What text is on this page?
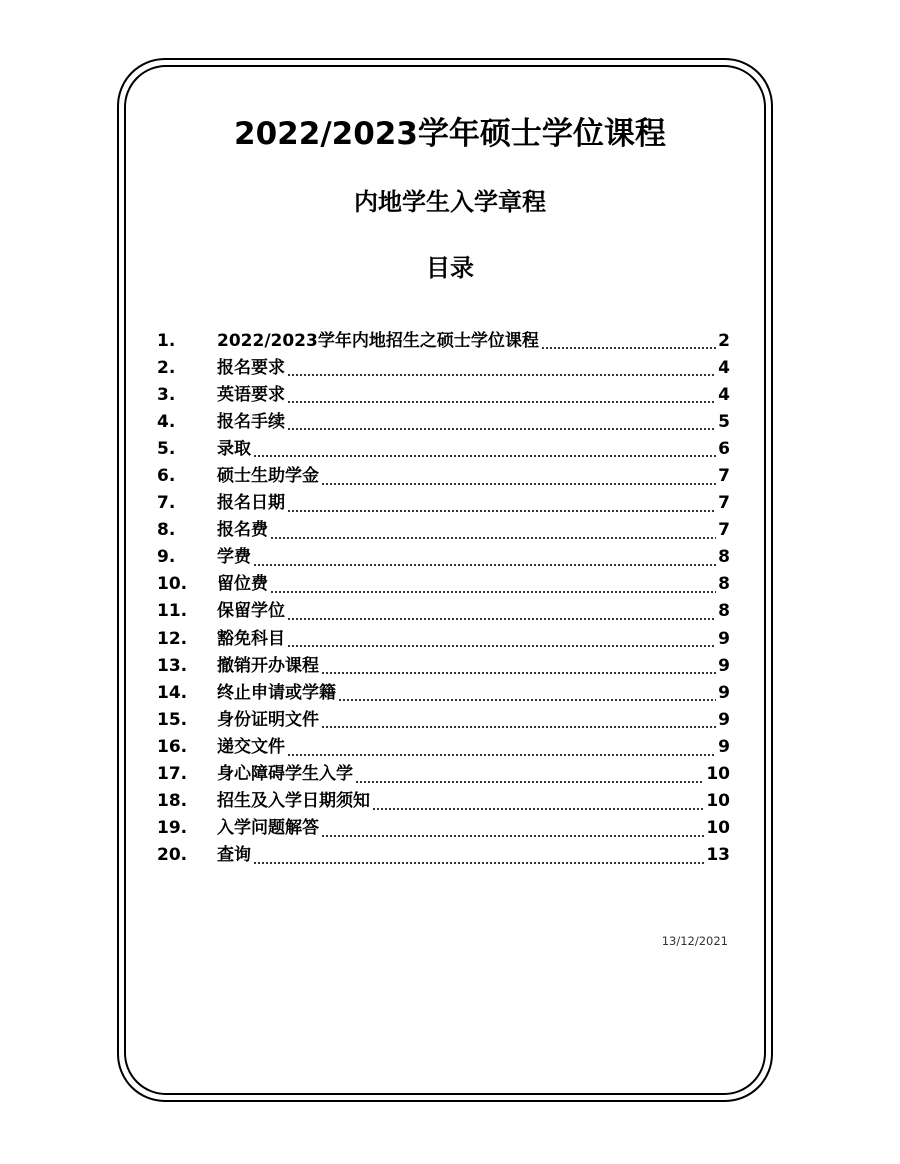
2022/2023学年硕士学位课程
内地学生入学章程
目录
1.	2022/2023学年内地招生之硕士学位课程	2
2.	报名要求	4
3.	英语要求	4
4.	报名手续	5
5.	录取	6
6.	硕士生助学金	7
7.	报名日期	7
8.	报名费	7
9.	学费	8
10.	留位费	8
11.	保留学位	8
12.	豁免科目	9
13.	撤销开办课程	9
14.	终止申请或学籍	9
15.	身份证明文件	9
16.	递交文件	9
17.	身心障碍学生入学	10
18.	招生及入学日期须知	10
19.	入学问题解答	10
20.	查询	13
13/12/2021
